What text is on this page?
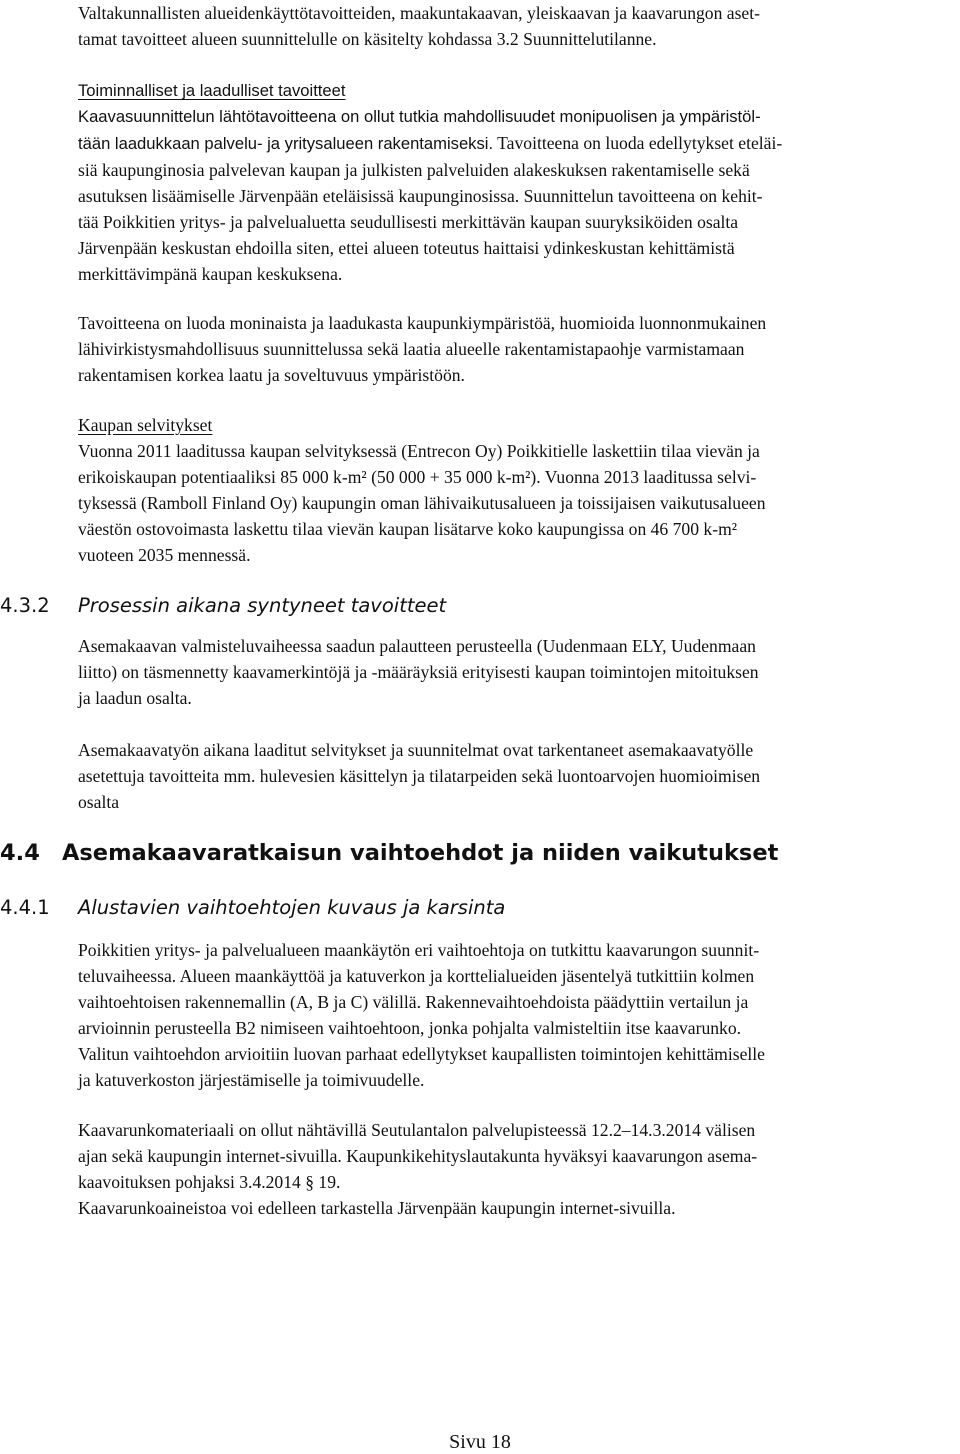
Valtakunnallisten alueidenkäyttötavoitteiden, maakuntakaavan, yleiskaavan ja kaavarungon aset-
tamat tavoitteet alueen suunnittelulle on käsitelty kohdassa 3.2 Suunnittelutilanne.
Toiminnalliset ja laadulliset tavoitteet
Kaavasuunnittelun lähtötavoitteena on ollut tutkia mahdollisuudet monipuolisen ja ympäristöl-
tään laadukkaan palvelu- ja yritysalueen rakentamiseksi. Tavoitteena on luoda edellytykset eteläi-
siä kaupunginosia palvelevan kaupan ja julkisten palveluiden alakeskuksen rakentamiselle sekä
asutuksen lisäämiselle Järvenpään eteläisissä kaupunginosissa. Suunnittelun tavoitteena on kehit-
tää Poikkitien yritys- ja palvelualuetta seudullisesti merkittävän kaupan suuryksiköiden osalta
Järvenpään keskustan ehdoilla siten, ettei alueen toteutus haittaisi ydinkeskustan kehittämistä
merkittävimpänä kaupan keskuksena.
Tavoitteena on luoda moninaista ja laadukasta kaupunkiympäristöä, huomioida luonnonmukainen
lähivirkistysmahdollisuus suunnittelussa sekä laatia alueelle rakentamistapaohje varmistamaan
rakentamisen korkea laatu ja soveltuvuus ympäristöön.
Kaupan selvitykset
Vuonna 2011 laaditussa kaupan selvityksessä (Entrecon Oy) Poikkitielle laskettiin tilaa vievän ja
erikoiskaupan potentiaaliksi 85 000 k-m² (50 000 + 35 000 k-m²). Vuonna 2013 laaditussa selvi-
tyksessä (Ramboll Finland Oy) kaupungin oman lähivaikutusalueen ja toissijaisen vaikutusalueen
väestön ostovoimasta laskettu tilaa vievän kaupan lisätarve koko kaupungissa on 46 700 k-m²
vuoteen 2035 mennessä.
4.3.2 Prosessin aikana syntyneet tavoitteet
Asemakaavan valmisteluvaiheessa saadun palautteen perusteella (Uudenmaan ELY, Uudenmaan
liitto) on täsmennetty kaavamerkintöjä ja -määräyksiä erityisesti kaupan toimintojen mitoituksen
ja laadun osalta.
Asemakaavatyön aikana laaditut selvitykset ja suunnitelmat ovat tarkentaneet asemakaavatyölle
asetettuja tavoitteita mm. hulevesien käsittelyn ja tilatarpeiden sekä luontoarvojen huomioimisen
osalta
4.4 Asemakaavaratkaisun vaihtoehdot ja niiden vaikutukset
4.4.1 Alustavien vaihtoehtojen kuvaus ja karsinta
Poikkitien yritys- ja palvelualueen maankäytön eri vaihtoehtoja on tutkittu kaavarungon suunnit-
teluvaiheessa. Alueen maankäyttöä ja katuverkon ja korttelialueiden jäsentelyä tutkittiin kolmen
vaihtoehtoisen rakennemallin (A, B ja C) välillä. Rakennevaihtoehdoista päädyttiin vertailun ja
arvioinnin perusteella B2 nimiseen vaihtoehtoon, jonka pohjalta valmisteltiin itse kaavarunko.
Valitun vaihtoehdon arvioitiin luovan parhaat edellytykset kaupallisten toimintojen kehittämiselle
ja katuverkoston järjestämiselle ja toimivuudelle.
Kaavarunkomateriaali on ollut nähtävillä Seutulantalon palvelupisteessä 12.2–14.3.2014 välisen
ajan sekä kaupungin internet-sivuilla. Kaupunkikehityslautakunta hyväksyi kaavarungon asema-
kaavoituksen pohjaksi 3.4.2014 § 19.
Kaavarunkoaineistoa voi edelleen tarkastella Järvenpään kaupungin internet-sivuilla.
Sivu 18
